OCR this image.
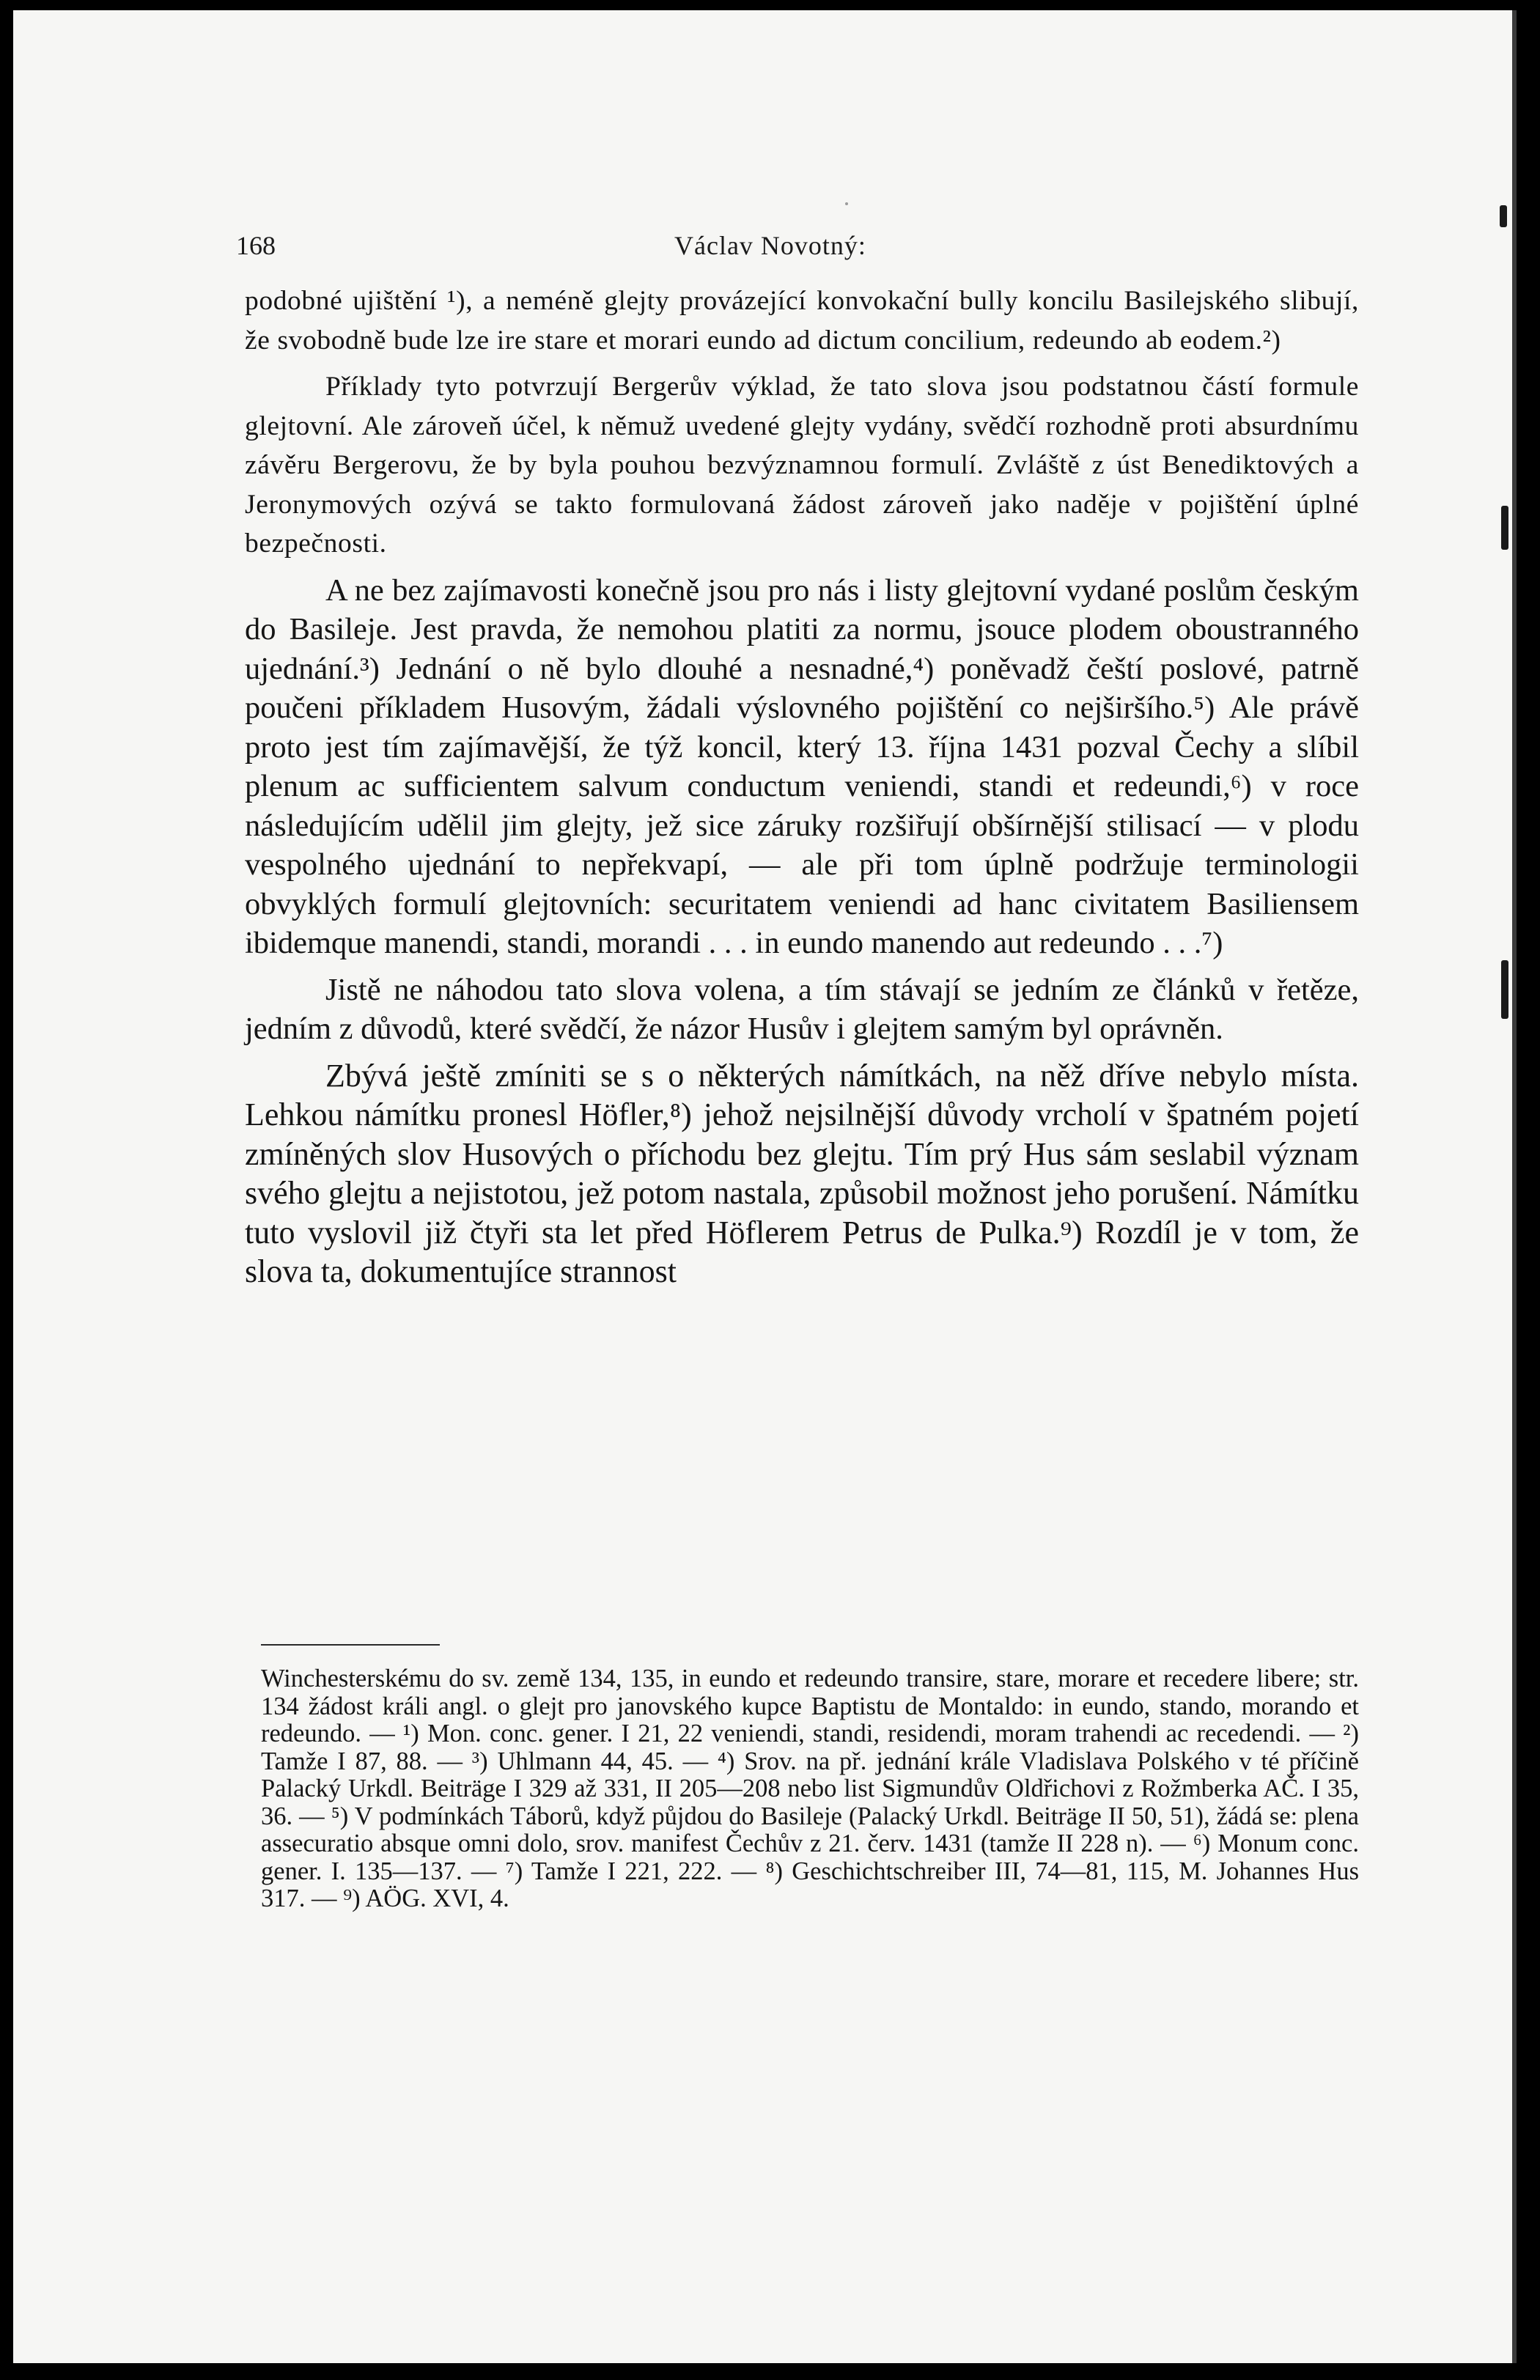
168	Václav Novotný:

podobné ujištění ¹), a neméně glejty provázející konvokační bully koncilu Basilejského slibují, že svobodně bude lze ire stare et morari eundo ad dictum concilium, redeundo ab eodem.²)

Příklady tyto potvrzují Bergerův výklad, že tato slova jsou podstatnou částí formule glejtovní. Ale zároveň účel, k němuž uvedené glejty vydány, svědčí rozhodně proti absurdnímu závěru Bergerovu, že by byla pouhou bezvýznamnou formulí. Zvláště z úst Benediktových a Jeronymových ozývá se takto formulovaná žádost zároveň jako naděje v pojištění úplné bezpečnosti.

A ne bez zajímavosti konečně jsou pro nás i listy glejtovní vydané poslům českým do Basileje. Jest pravda, že nemohou platiti za normu, jsouce plodem oboustranného ujednání.³) Jednání o ně bylo dlouhé a nesnadné,⁴) poněvadž čeští poslové, patrně poučeni příkladem Husovým, žádali výslovného pojištění co nejširšího.⁵) Ale právě proto jest tím zajímavější, že týž koncil, který 13. října 1431 pozval Čechy a slíbil plenum ac sufficientem salvum conductum veniendi, standi et redeundi,⁶) v roce následujícím udělil jim glejty, jež sice záruky rozšiřují obšírnější stilisací — v plodu vespolného ujednání to nepřekvapí, — ale při tom úplně podržuje terminologii obvyklých formulí glejtovních: securitatem veniendi ad hanc civitatem Basiliensem ibidemque manendi, standi, morandi . . . in eundo manendo aut redeundo . . .⁷)

Jistě ne náhodou tato slova volena, a tím stávají se jedním ze článků v řetěze, jedním z důvodů, které svědčí, že názor Husův i glejtem samým byl oprávněn.

Zbývá ještě zmíniti se s o některých námítkách, na něž dříve nebylo místa. Lehkou námítku pronesl Höfler,⁸) jehož nejsilnější důvody vrcholí v špatném pojetí zmíněných slov Husových o příchodu bez glejtu. Tím prý Hus sám seslabil význam svého glejtu a nejistotou, jež potom nastala, způsobil možnost jeho porušení. Námítku tuto vyslovil již čtyři sta let před Höflerem Petrus de Pulka.⁹) Rozdíl je v tom, že slova ta, dokumentujíce strannost

Winchesterskému do sv. země 134, 135, in eundo et redeundo transire, stare, morare et recedere libere; str. 134 žádost králi angl. o glejt pro janovského kupce Baptistu de Montaldo: in eundo, stando, morando et redeundo. — ¹) Mon. conc. gener. I 21, 22 veniendi, standi, residendi, moram trahendi ac recedendi. — ²) Tamže I 87, 88. — ³) Uhlmann 44, 45. — ⁴) Srov. na př. jednání krále Vladislava Polského v té příčině Palacký Urkdl. Beiträge I 329 až 331, II 205—208 nebo list Sigmundův Oldřichovi z Rožmberka AČ. I 35, 36. — ⁵) V podmínkách Táborů, když půjdou do Basileje (Palacký Urkdl. Beiträge II 50, 51), žádá se: plena assecuratio absque omni dolo, srov. manifest Čechův z 21. červ. 1431 (tamže II 228 n). — ⁶) Monum conc. gener. I. 135—137. — ⁷) Tamže I 221, 222. — ⁸) Geschichtschreiber III, 74—81, 115, M. Johannes Hus 317. — ⁹) AÖG. XVI, 4.
